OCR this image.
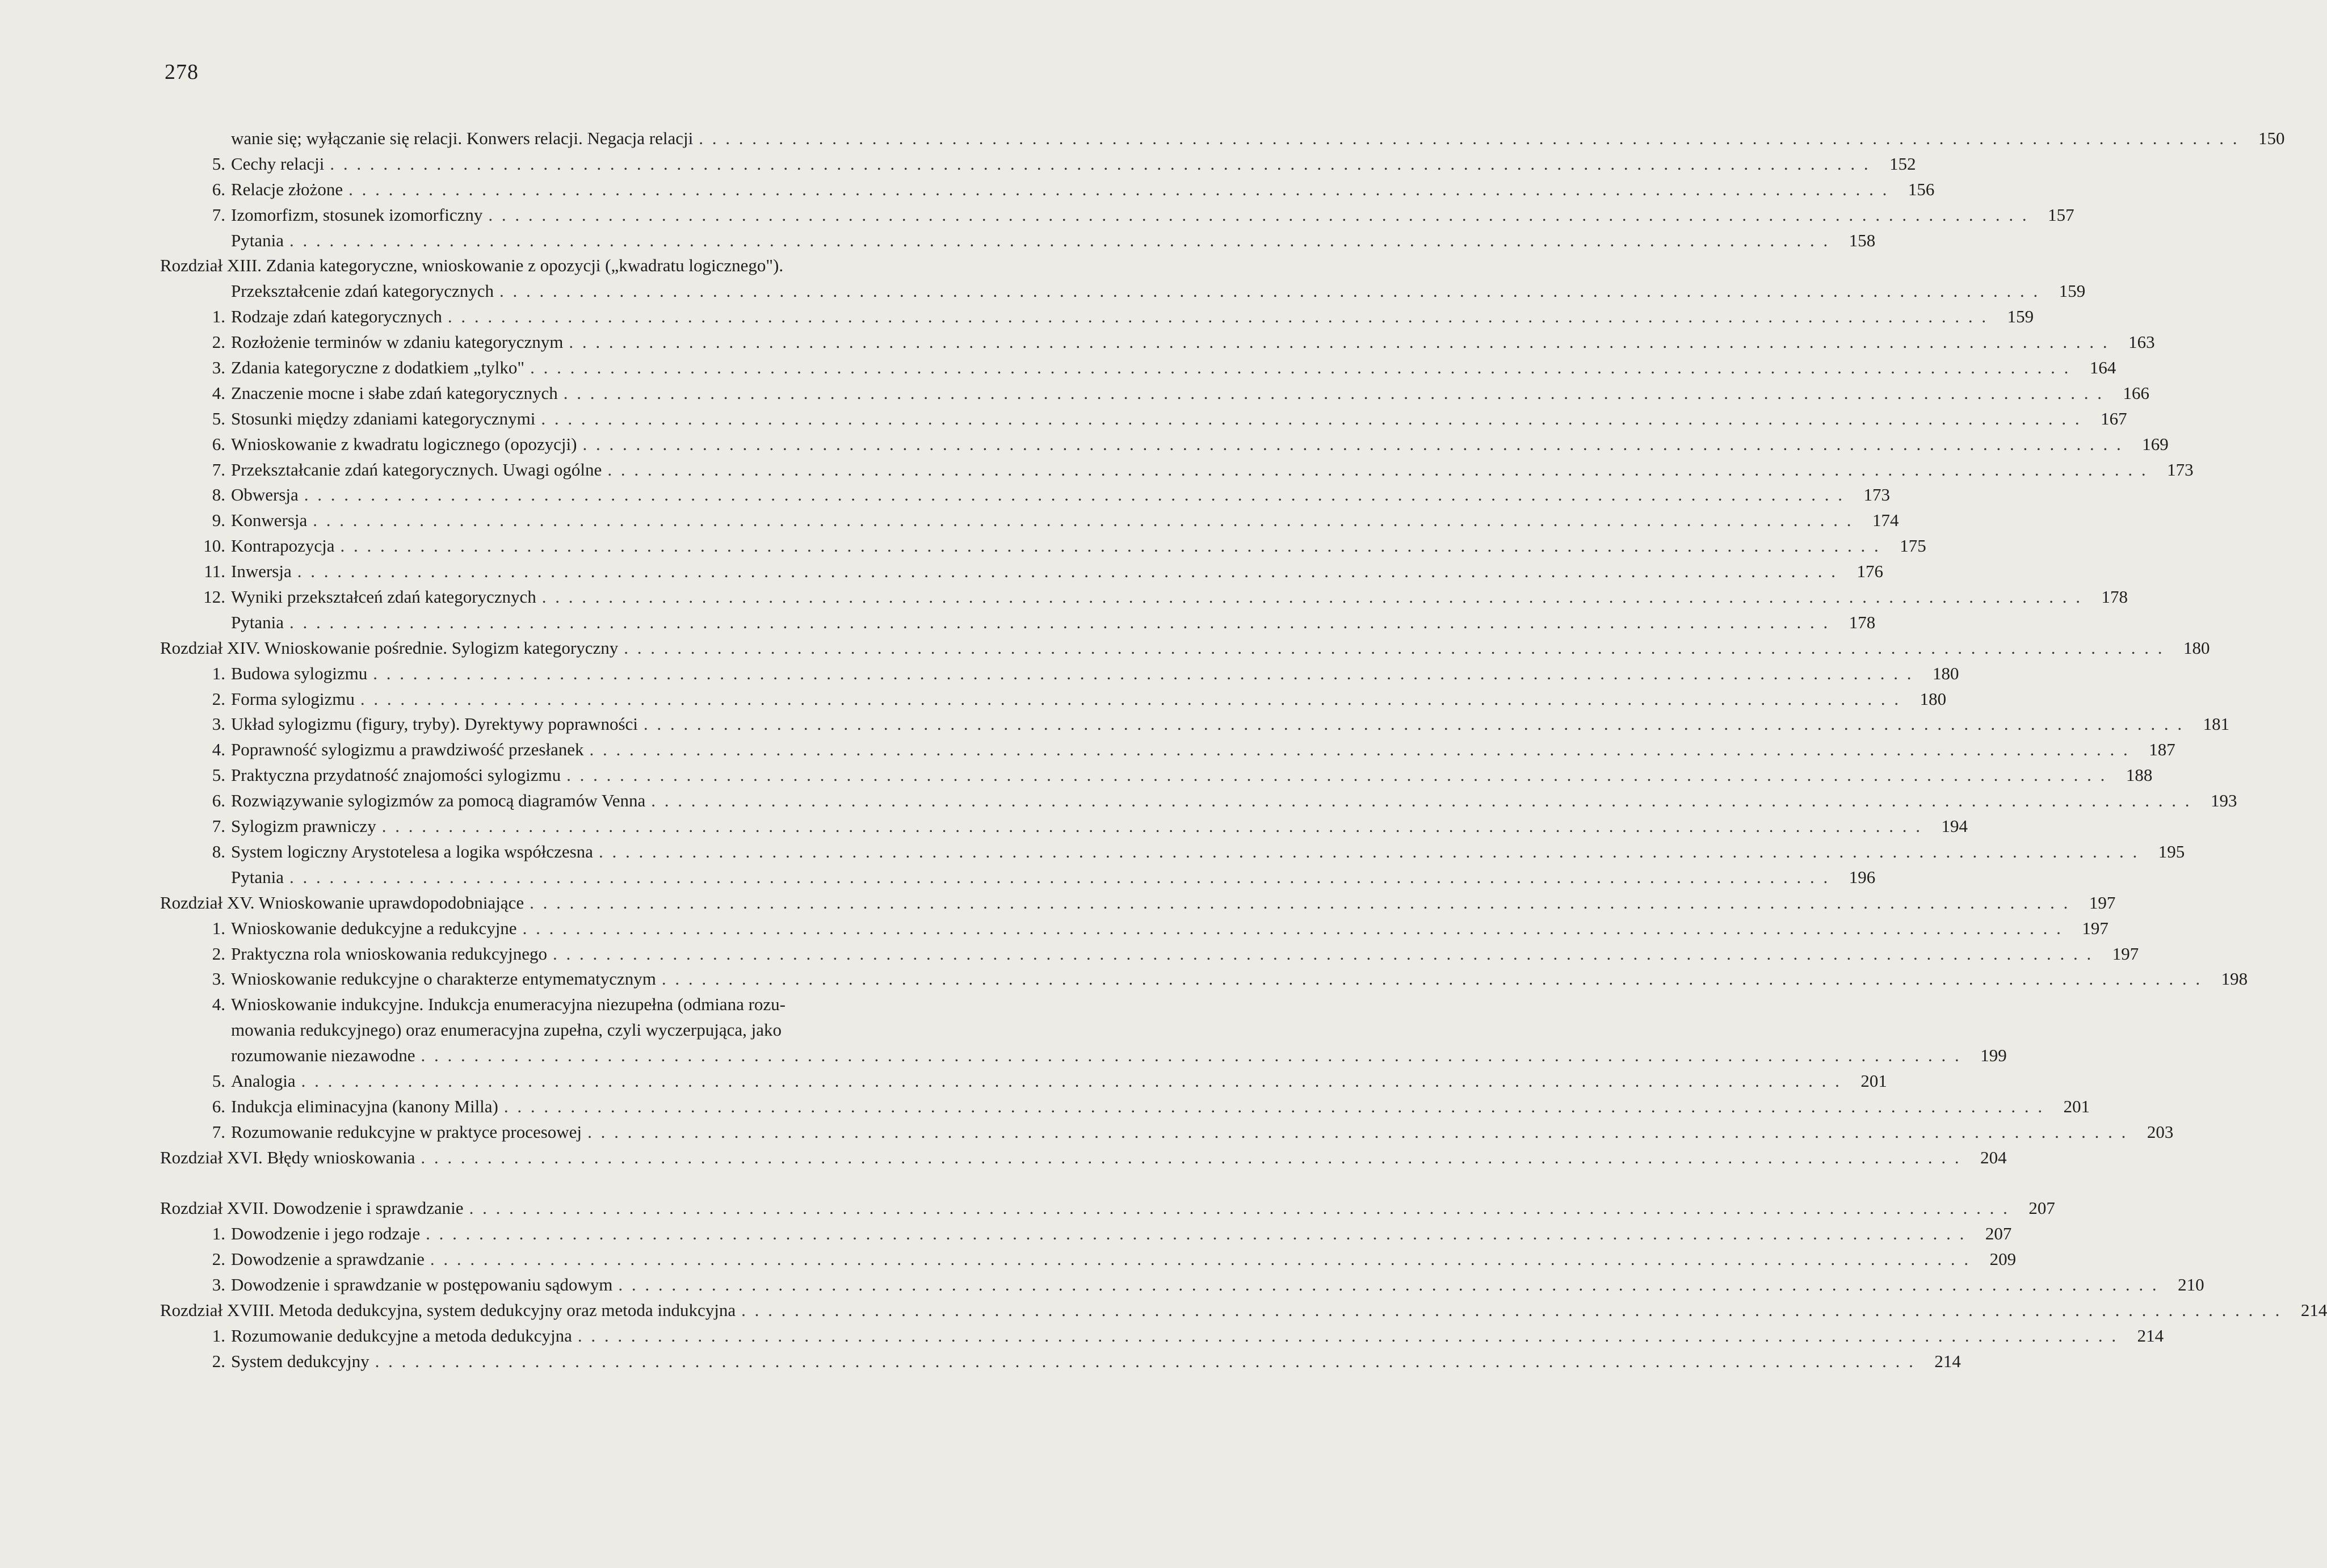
278
wanie się; wyłączanie się relacji. Konwers relacji. Negacja relacji . . .	150
5. Cechy relacji . . .	152
6. Relacje złożone . . .	156
7. Izomorfizm, stosunek izomorficzny . . .	157
Pytania . . .	158
Rozdział XIII. Zdania kategoryczne, wnioskowanie z opozycji („kwadratu logicznego").
Przekształcenie zdań kategorycznych . . .	159
1. Rodzaje zdań kategorycznych . . .	159
2. Rozłożenie terminów w zdaniu kategorycznym . . .	163
3. Zdania kategoryczne z dodatkiem „tylko" . . .	164
4. Znaczenie mocne i słabe zdań kategorycznych . . .	166
5. Stosunki między zdaniami kategorycznymi . . .	167
6. Wnioskowanie z kwadratu logicznego (opozycji) . . .	169
7. Przekształcanie zdań kategorycznych. Uwagi ogólne . . .	173
8. Obwersja . . .	173
9. Konwersja . . .	174
10. Kontrapozycja . . .	175
11. Inwersja . . .	176
12. Wyniki przekształceń zdań kategorycznych . . .	178
Pytania . . .	178
Rozdział XIV. Wnioskowanie pośrednie. Sylogizm kategoryczny . . .	180
1. Budowa sylogizmu . . .	180
2. Forma sylogizmu . . .	180
3. Układ sylogizmu (figury, tryby). Dyrektywy poprawności . . .	181
4. Poprawność sylogizmu a prawdziwość przesłanek . . .	187
5. Praktyczna przydatność znajomości sylogizmu . . .	188
6. Rozwiązywanie sylogizmów za pomocą diagramów Venna . . .	193
7. Sylogizm prawniczy . . .	194
8. System logiczny Arystotelesa a logika współczesna . . .	195
Pytania . . .	196
Rozdział XV. Wnioskowanie uprawdopodobniające . . .	197
1. Wnioskowanie dedukcyjne a redukcyjne . . .	197
2. Praktyczna rola wnioskowania redukcyjnego . . .	197
3. Wnioskowanie redukcyjne o charakterze entymematycznym . . .	198
4. Wnioskowanie indukcyjne. Indukcja enumeracyjna niezupełna (odmiana rozu-
mowania redukcyjnego) oraz enumeracyjna zupełna, czyli wyczerpująca, jako
rozumowanie niezawodne . . .	199
5. Analogia . . .	201
6. Indukcja eliminacyjna (kanony Milla) . . .	201
7. Rozumowanie redukcyjne w praktyce procesowej . . .	203
Rozdział XVI. Błędy wnioskowania . . .	204
Rozdział XVII. Dowodzenie i sprawdzanie . . .	207
1. Dowodzenie i jego rodzaje . . .	207
2. Dowodzenie a sprawdzanie . . .	209
3. Dowodzenie i sprawdzanie w postępowaniu sądowym . . .	210
Rozdział XVIII. Metoda dedukcyjna, system dedukcyjny oraz metoda indukcyjna . . .	214
1. Rozumowanie dedukcyjne a metoda dedukcyjna . . .	214
2. System dedukcyjny . . .	214
